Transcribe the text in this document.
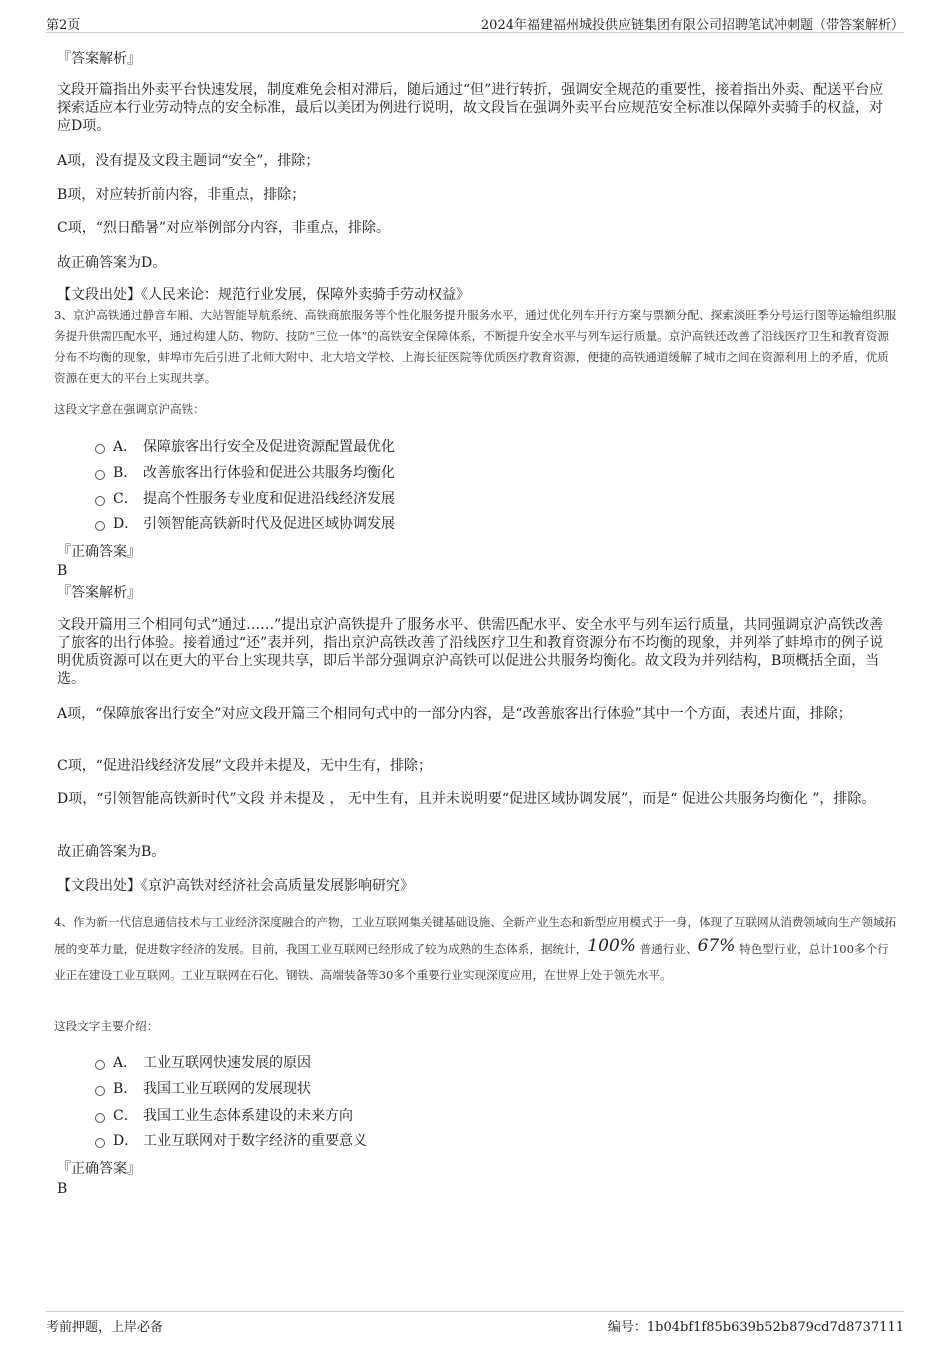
第2页	2024年福建福州城投供应链集团有限公司招聘笔试冲刺题（带答案解析）
『答案解析』
文段开篇指出外卖平台快速发展，制度难免会相对滞后，随后通过“但”进行转折，强调安全规范的重要性，接着指出外卖、配送平台应探索适应本行业劳动特点的安全标准，最后以美团为例进行说明，故文段旨在强调外卖平台应规范安全标准以保障外卖骑手的权益，对应D项。
A项，没有提及文段主题词“安全”，排除；
B项，对应转折前内容，非重点，排除；
C项，“烈日酷暑”对应举例部分内容，非重点，排除。
故正确答案为D。
【文段出处】《人民来论：规范行业发展，保障外卖骑手劳动权益》
3、京沪高铁通过静音车厢、大站智能导航系统、高铁商旅服务等个性化服务提升服务水平，通过优化列车开行方案与票额分配、探索淡旺季分号运行图等运输组织服务提升供需匹配水平，通过构建人防、物防、技防“三位一体”的高铁安全保障体系，不断提升安全水平与列车运行质量。京沪高铁还改善了沿线医疗卫生和教育资源分布不均衡的现象，蚌埠市先后引进了北师大附中、北大培文学校、上海长征医院等优质医疗教育资源，便捷的高铁通道缓解了城市之间在资源利用上的矛盾，优质资源在更大的平台上实现共享。
这段文字意在强调京沪高铁：
A． 保障旅客出行安全及促进资源配置最优化
B． 改善旅客出行体验和促进公共服务均衡化
C． 提高个性服务专业度和促进沿线经济发展
D． 引领智能高铁新时代及促进区域协调发展
『正确答案』
B
『答案解析』
文段开篇用三个相同句式“通过……”提出京沪高铁提升了服务水平、供需匹配水平、安全水平与列车运行质量，共同强调京沪高铁改善了旅客的出行体验。接着通过“还”表并列，指出京沪高铁改善了沿线医疗卫生和教育资源分布不均衡的现象，并列举了蚌埠市的例子说明优质资源可以在更大的平台上实现共享，即后半部分强调京沪高铁可以促进公共服务均衡化。故文段为并列结构，B项概括全面，当选。
A项，“保障旅客出行安全”对应文段开篇三个相同句式中的一部分内容，是“改善旅客出行体验”其中一个方面，表述片面，排除；
C项，“促进沿线经济发展”文段并未提及，无中生有，排除；
D项，“引领智能高铁新时代”文段 并未提及 ， 无中生有，且并未说明要“促进区域协调发展”，而是“ 促进公共服务均衡化 ”，排除。
故正确答案为B。
【文段出处】《京沪高铁对经济社会高质量发展影响研究》
4、作为新一代信息通信技术与工业经济深度融合的产物，工业互联网集关键基础设施、全新产业生态和新型应用模式于一身，体现了互联网从消费领域向生产领域拓展的变革力量，促进数字经济的发展。目前，我国工业互联网已经形成了较为成熟的生态体系，据统计，100% 普通行业、67% 特色型行业，总计100多个行业正在建设工业互联网。工业互联网在石化、钢铁、高端装备等30多个重要行业实现深度应用，在世界上处于领先水平。
这段文字主要介绍：
A． 工业互联网快速发展的原因
B． 我国工业互联网的发展现状
C． 我国工业生态体系建设的未来方向
D． 工业互联网对于数字经济的重要意义
『正确答案』
B
考前押题，上岸必备	编号：1b04bf1f85b639b52b879cd7d8737111
